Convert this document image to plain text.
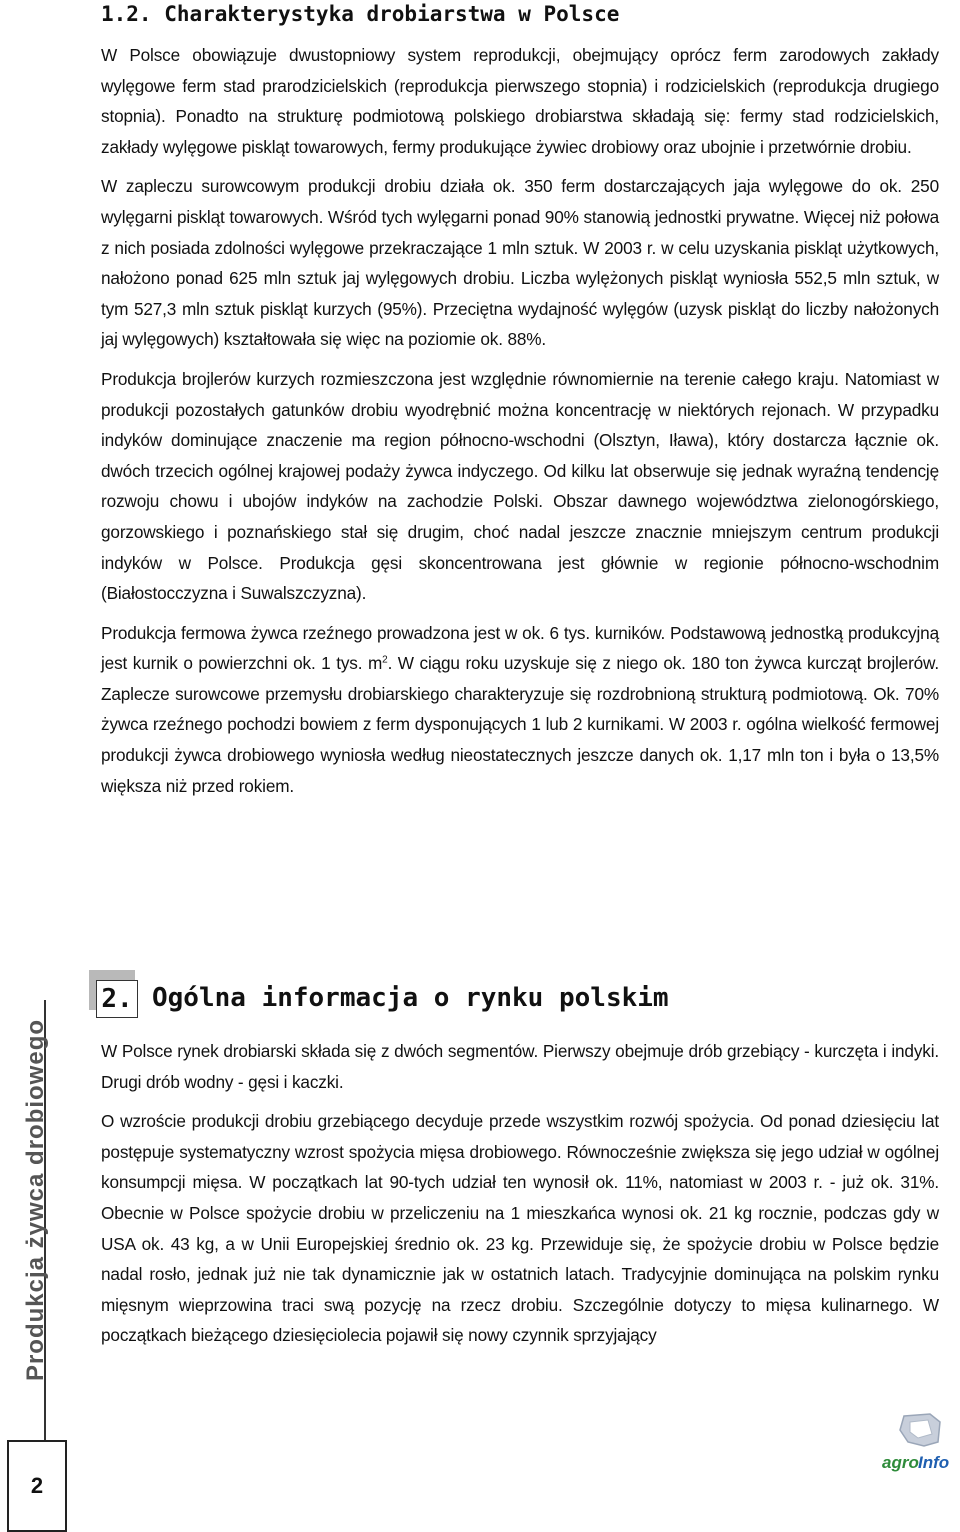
1.2. Charakterystyka drobiarstwa w Polsce

W Polsce obowiązuje dwustopniowy system reprodukcji, obejmujący oprócz ferm zarodowych zakłady wylęgowe ferm stad prarodzicielskich (reprodukcja pierwszego stopnia) i rodzicielskich (reprodukcja drugiego stopnia). Ponadto na strukturę podmiotową polskiego drobiarstwa składają się: fermy stad rodzicielskich, zakłady wylęgowe piskląt towarowych, fermy produkujące żywiec drobiowy oraz ubojnie i przetwórnie drobiu.

W zapleczu surowcowym produkcji drobiu działa ok. 350 ferm dostarczających jaja wylęgowe do ok. 250 wylęgarni piskląt towarowych. Wśród tych wylęgarni ponad 90% stanowią jednostki prywatne. Więcej niż połowa z nich posiada zdolności wylęgowe przekraczające 1 mln sztuk. W 2003 r. w celu uzyskania piskląt użytkowych, nałożono ponad 625 mln sztuk jaj wylęgowych drobiu. Liczba wylężonych piskląt wyniosła 552,5 mln sztuk, w tym 527,3 mln sztuk piskląt kurzych (95%). Przeciętna wydajność wylęgów (uzysk piskląt do liczby nałożonych jaj wylęgowych) kształtowała się więc na poziomie ok. 88%.

Produkcja brojlerów kurzych rozmieszczona jest względnie równomiernie na terenie całego kraju. Natomiast w produkcji pozostałych gatunków drobiu wyodrębnić można koncentrację w niektórych rejonach. W przypadku indyków dominujące znaczenie ma region północno-wschodni (Olsztyn, Iława), który dostarcza łącznie ok. dwóch trzecich ogólnej krajowej podaży żywca indyczego. Od kilku lat obserwuje się jednak wyraźną tendencję rozwoju chowu i ubojów indyków na zachodzie Polski. Obszar dawnego województwa zielonogórskiego, gorzowskiego i poznańskiego stał się drugim, choć nadal jeszcze znacznie mniejszym centrum produkcji indyków w Polsce. Produkcja gęsi skoncentrowana jest głównie w regionie północno-wschodnim (Białostocczyzna i Suwalszczyzna).

Produkcja fermowa żywca rzeźnego prowadzona jest w ok. 6 tys. kurników. Podstawową jednostką produkcyjną jest kurnik o powierzchni ok. 1 tys. $m^2$. W ciągu roku uzyskuje się z niego ok. 180 ton żywca kurcząt brojlerów. Zaplecze surowcowe przemysłu drobiarskiego charakteryzuje się rozdrobnioną strukturą podmiotową. Ok. 70% żywca rzeźnego pochodzi bowiem z ferm dysponujących 1 lub 2 kurnikami. W 2003 r. ogólna wielkość fermowej produkcji żywca drobiowego wyniosła według nieostatecznych jeszcze danych ok. 1,17 mln ton i była o 13,5% większa niż przed rokiem.

2. Ogólna informacja o rynku polskim

W Polsce rynek drobiarski składa się z dwóch segmentów. Pierwszy obejmuje drób grzebiący - kurczęta i indyki. Drugi drób wodny - gęsi i kaczki.

O wzroście produkcji drobiu grzebiącego decyduje przede wszystkim rozwój spożycia. Od ponad dziesięciu lat postępuje systematyczny wzrost spożycia mięsa drobiowego. Równocześnie zwiększa się jego udział w ogólnej konsumpcji mięsa. W początkach lat 90-tych udział ten wynosił ok. 11%, natomiast w 2003 r. - już ok. 31%. Obecnie w Polsce spożycie drobiu w przeliczeniu na 1 mieszkańca wynosi ok. 21 kg rocznie, podczas gdy w USA ok. 43 kg, a w Unii Europejskiej średnio ok. 23 kg. Przewiduje się, że spożycie drobiu w Polsce będzie nadal rosło, jednak już nie tak dynamicznie jak w ostatnich latach. Tradycyjnie dominująca na polskim rynku mięsnym wieprzowina traci swą pozycję na rzecz drobiu. Szczególnie dotyczy to mięsa kulinarnego. W początkach bieżącego dziesięciolecia pojawił się nowy czynnik sprzyjający

Produkcja żywca drobiowego
2
agro Info
